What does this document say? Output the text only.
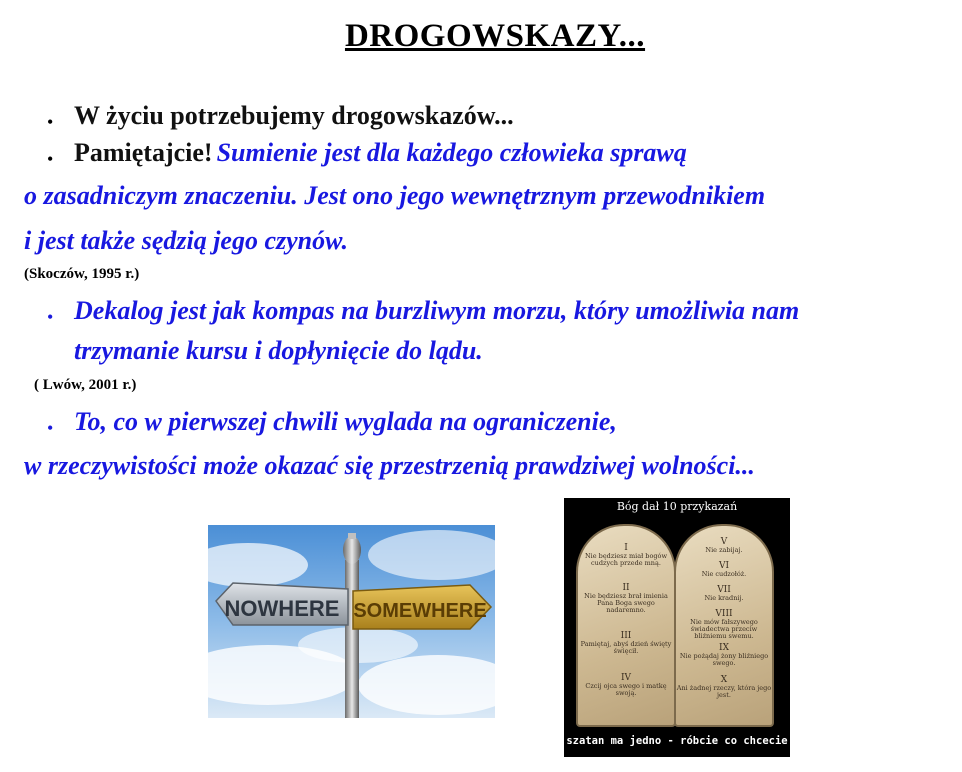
DROGOWSKAZY...
• W życiu potrzebujemy drogowskazów...
• Pamiętajcie! Sumienie jest dla każdego człowieka sprawą
o zasadniczym znaczeniu. Jest ono jego wewnętrznym przewodnikiem
i jest także sędzią jego czynów.
(Skoczów, 1995 r.)
• Dekalog jest jak kompas na burzliwym morzu, który umożliwia nam
trzymanie kursu i dopłynięcie do lądu.
( Lwów, 2001 r.)
• To, co w pierwszej chwili wyglada na ograniczenie,
w rzeczywistości może okazać się przestrzenią prawdziwej wolności...
NOWHERE SOMEWHERE
Bóg dał 10 przykazań
I
Nie będziesz miał bogów cudzych przede mną.
II
Nie będziesz brał imienia Pana Boga swego nadaremno.
III
Pamiętaj, abyś dzień święty święcił.
IV
Czcij ojca swego i matkę swoją.
V
Nie zabijaj.
VI
Nie cudzołóż.
VII
Nie kradnij.
VIII
Nie mów fałszywego świadectwa przeciw bliźniemu swemu.
IX
Nie pożądaj żony bliźniego swego.
X
Ani żadnej rzeczy, która jego jest.
szatan ma jedno - róbcie co chcecie
